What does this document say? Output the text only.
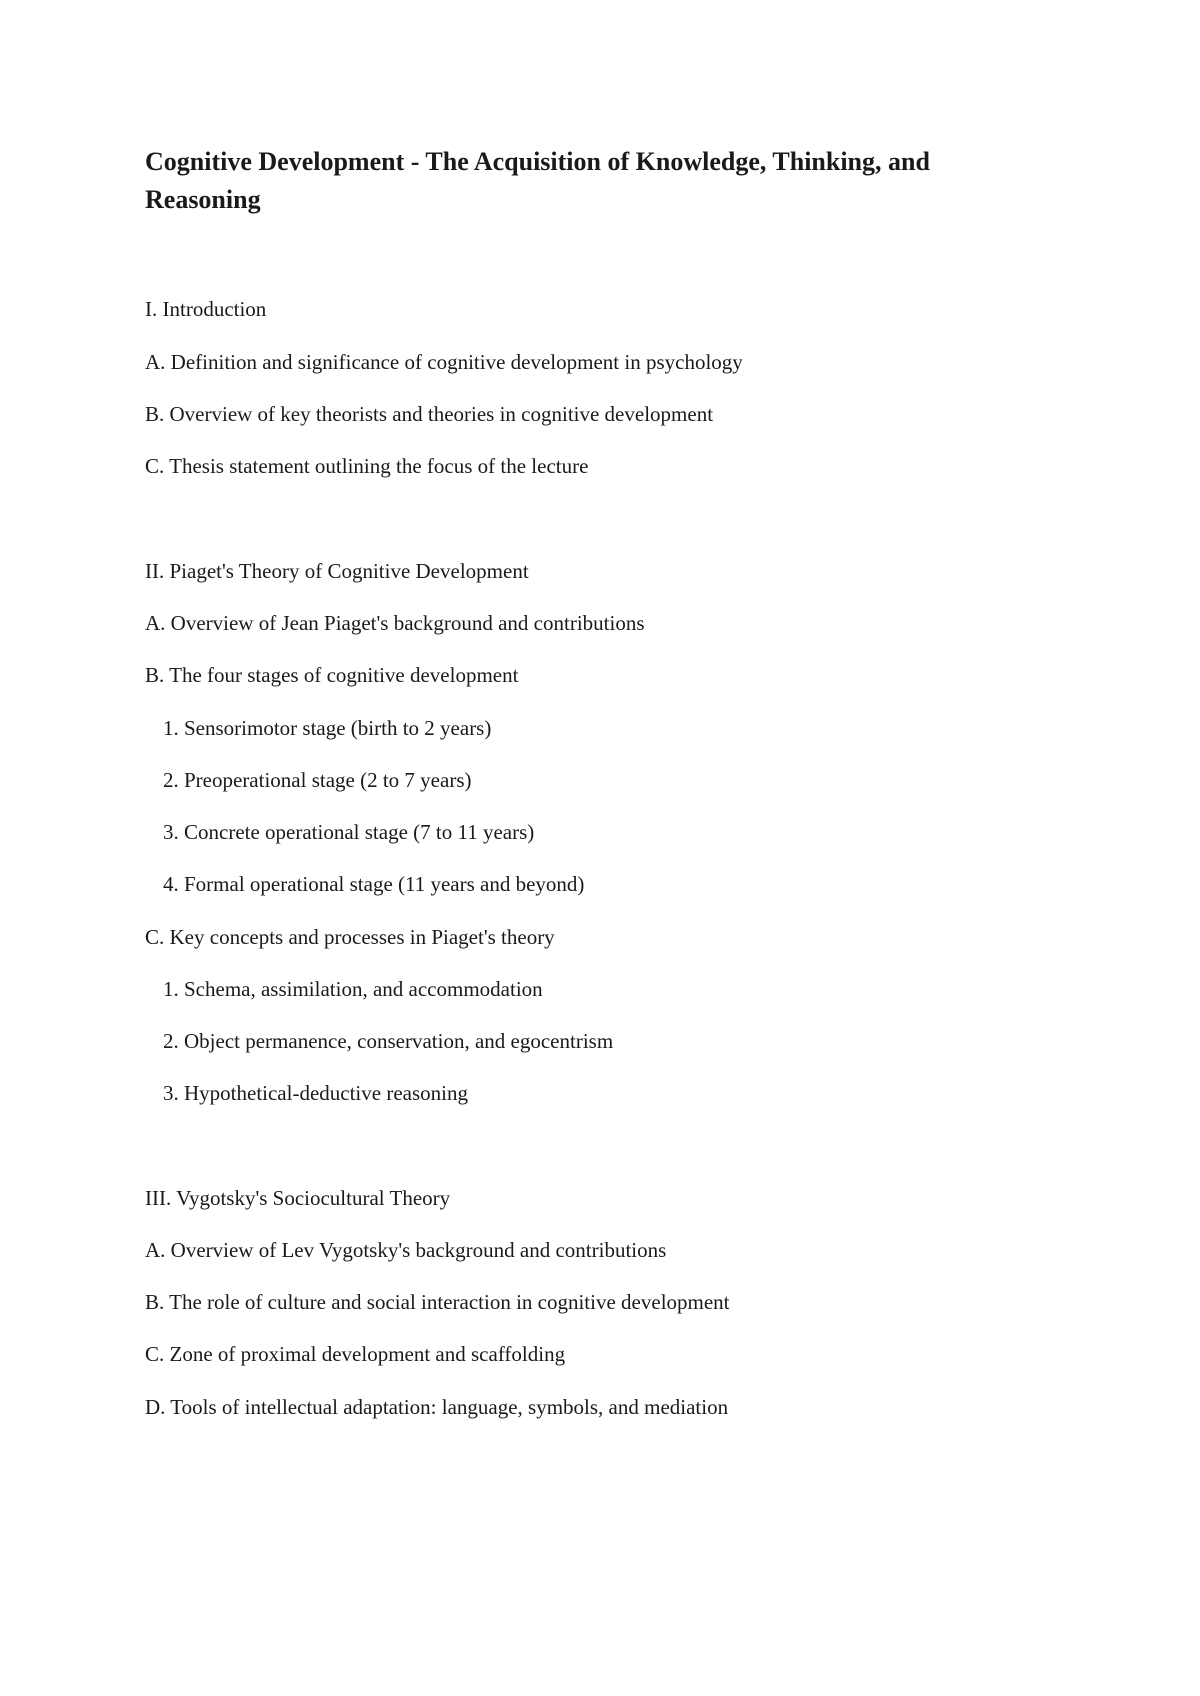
Cognitive Development - The Acquisition of Knowledge, Thinking, and Reasoning

I. Introduction

A. Definition and significance of cognitive development in psychology

B. Overview of key theorists and theories in cognitive development

C. Thesis statement outlining the focus of the lecture

II. Piaget's Theory of Cognitive Development

A. Overview of Jean Piaget's background and contributions

B. The four stages of cognitive development

1. Sensorimotor stage (birth to 2 years)

2. Preoperational stage (2 to 7 years)

3. Concrete operational stage (7 to 11 years)

4. Formal operational stage (11 years and beyond)

C. Key concepts and processes in Piaget's theory

1. Schema, assimilation, and accommodation

2. Object permanence, conservation, and egocentrism

3. Hypothetical-deductive reasoning

III. Vygotsky's Sociocultural Theory

A. Overview of Lev Vygotsky's background and contributions

B. The role of culture and social interaction in cognitive development

C. Zone of proximal development and scaffolding

D. Tools of intellectual adaptation: language, symbols, and mediation
